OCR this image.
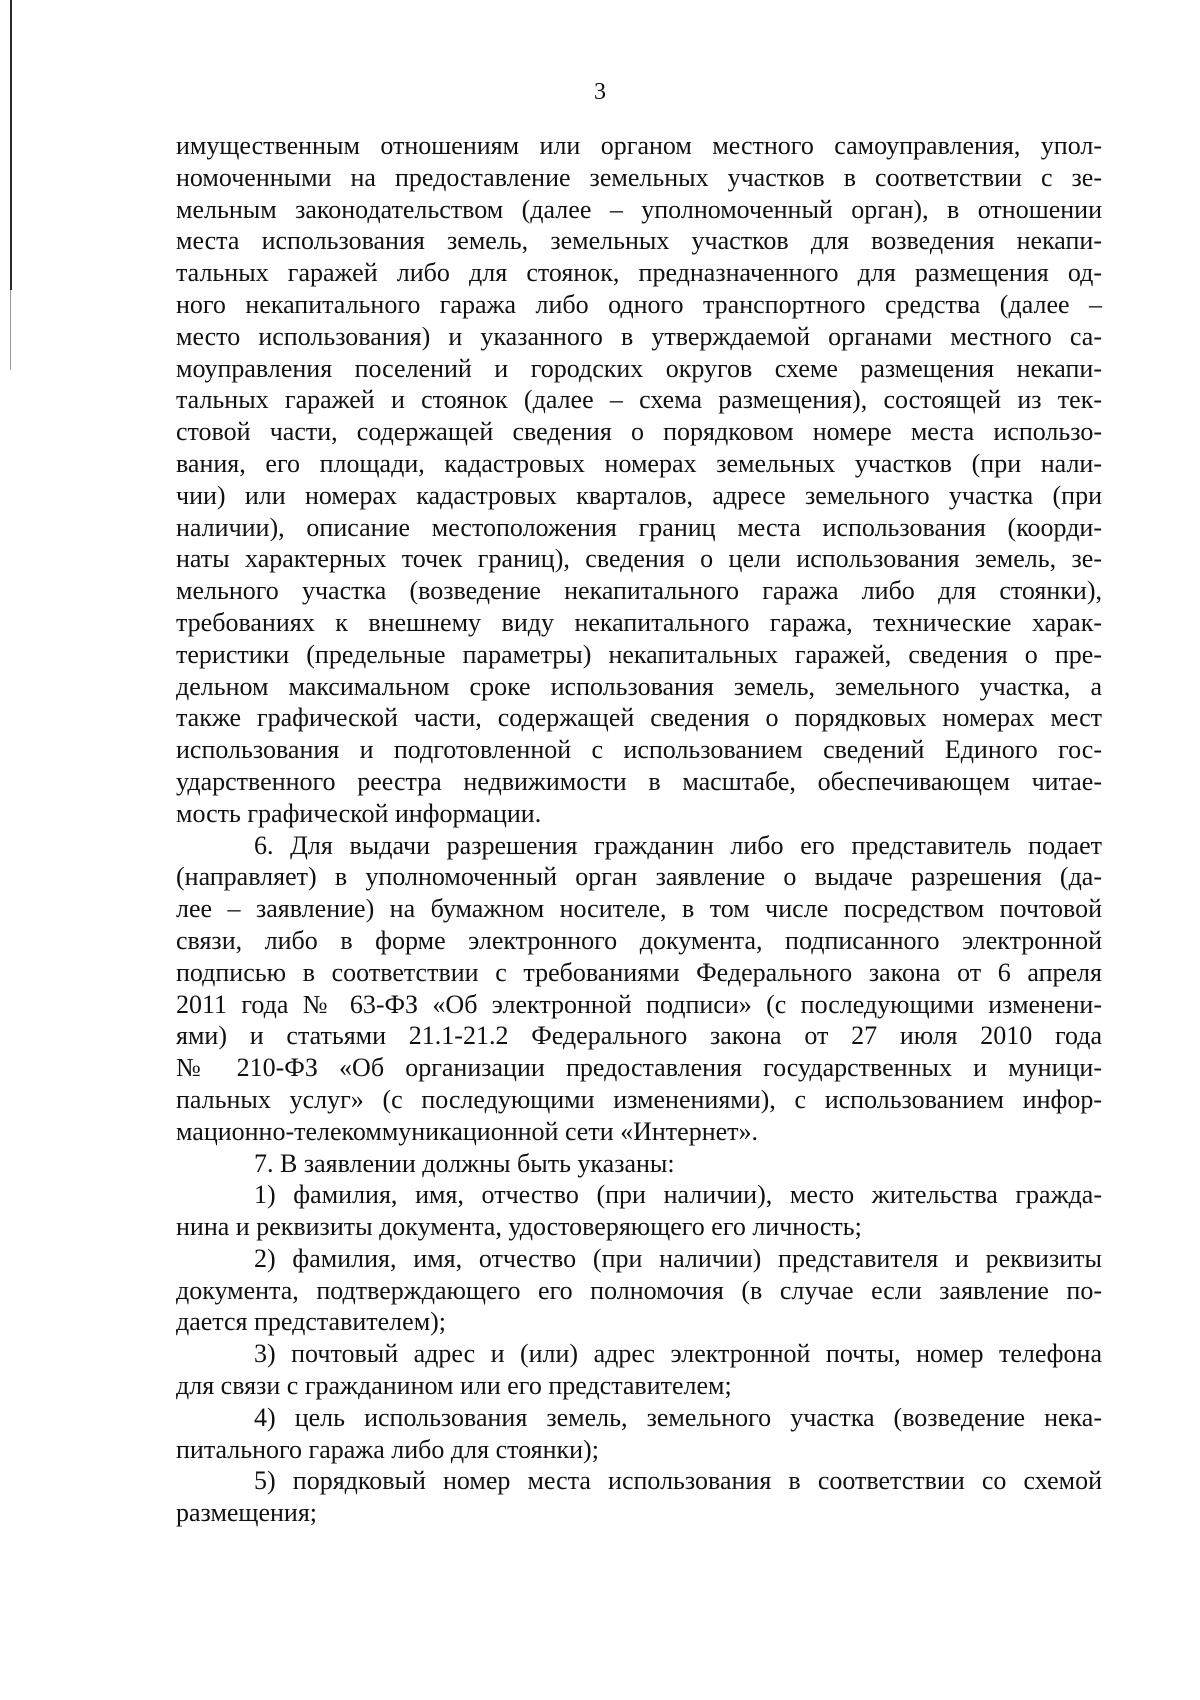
3
имущественным отношениям или органом местного самоуправления, упол-
номоченными на предоставление земельных участков в соответствии с зе-
мельным законодательством (далее – уполномоченный орган), в отношении
места использования земель, земельных участков для возведения некапи-
тальных гаражей либо для стоянок, предназначенного для размещения од-
ного некапитального гаража либо одного транспортного средства (далее –
место использования) и указанного в утверждаемой органами местного са-
моуправления поселений и городских округов схеме размещения некапи-
тальных гаражей и стоянок (далее – схема размещения), состоящей из тек-
стовой части, содержащей сведения о порядковом номере места использо-
вания, его площади, кадастровых номерах земельных участков (при нали-
чии) или номерах кадастровых кварталов, адресе земельного участка (при
наличии), описание местоположения границ места использования (коорди-
наты характерных точек границ), сведения о цели использования земель, зе-
мельного участка (возведение некапитального гаража либо для стоянки),
требованиях к внешнему виду некапитального гаража, технические харак-
теристики (предельные параметры) некапитальных гаражей, сведения о пре-
дельном максимальном сроке использования земель, земельного участка, а
также графической части, содержащей сведения о порядковых номерах мест
использования и подготовленной с использованием сведений Единого гос-
ударственного реестра недвижимости в масштабе, обеспечивающем читае-
мость графической информации.
6. Для выдачи разрешения гражданин либо его представитель подает
(направляет) в уполномоченный орган заявление о выдаче разрешения (да-
лее – заявление) на бумажном носителе, в том числе посредством почтовой
связи, либо в форме электронного документа, подписанного электронной
подписью в соответствии с требованиями Федерального закона от 6 апреля
2011 года № 63-ФЗ «Об электронной подписи» (с последующими изменени-
ями) и статьями 21.1-21.2 Федерального закона от 27 июля 2010 года
№ 210-ФЗ «Об организации предоставления государственных и муници-
пальных услуг» (с последующими изменениями), с использованием инфор-
мационно-телекоммуникационной сети «Интернет».
7. В заявлении должны быть указаны:
1) фамилия, имя, отчество (при наличии), место жительства гражда-
нина и реквизиты документа, удостоверяющего его личность;
2) фамилия, имя, отчество (при наличии) представителя и реквизиты
документа, подтверждающего его полномочия (в случае если заявление по-
дается представителем);
3) почтовый адрес и (или) адрес электронной почты, номер телефона
для связи с гражданином или его представителем;
4) цель использования земель, земельного участка (возведение нека-
питального гаража либо для стоянки);
5) порядковый номер места использования в соответствии со схемой
размещения;
